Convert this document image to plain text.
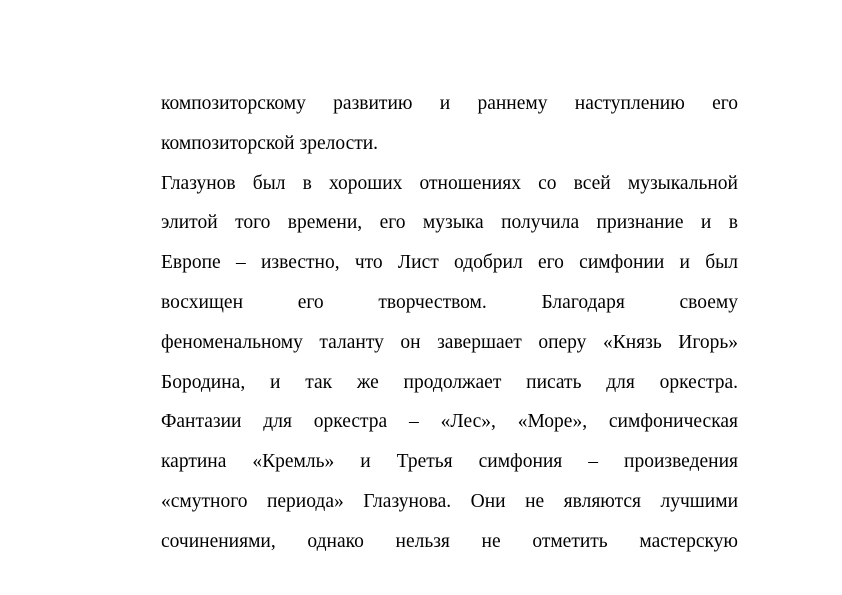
композиторскому развитию и раннему наступлению его
композиторской зрелости.
Глазунов был в хороших отношениях со всей музыкальной
элитой того времени, его музыка получила признание и в
Европе – известно, что Лист одобрил его симфонии и был
восхищен его творчеством. Благодаря своему
феноменальному таланту он завершает оперу «Князь Игорь»
Бородина, и так же продолжает писать для оркестра.
Фантазии для оркестра – «Лес», «Море», симфоническая
картина «Кремль» и Третья симфония – произведения
«смутного периода» Глазунова. Они не являются лучшими
сочинениями, однако нельзя не отметить мастерскую
